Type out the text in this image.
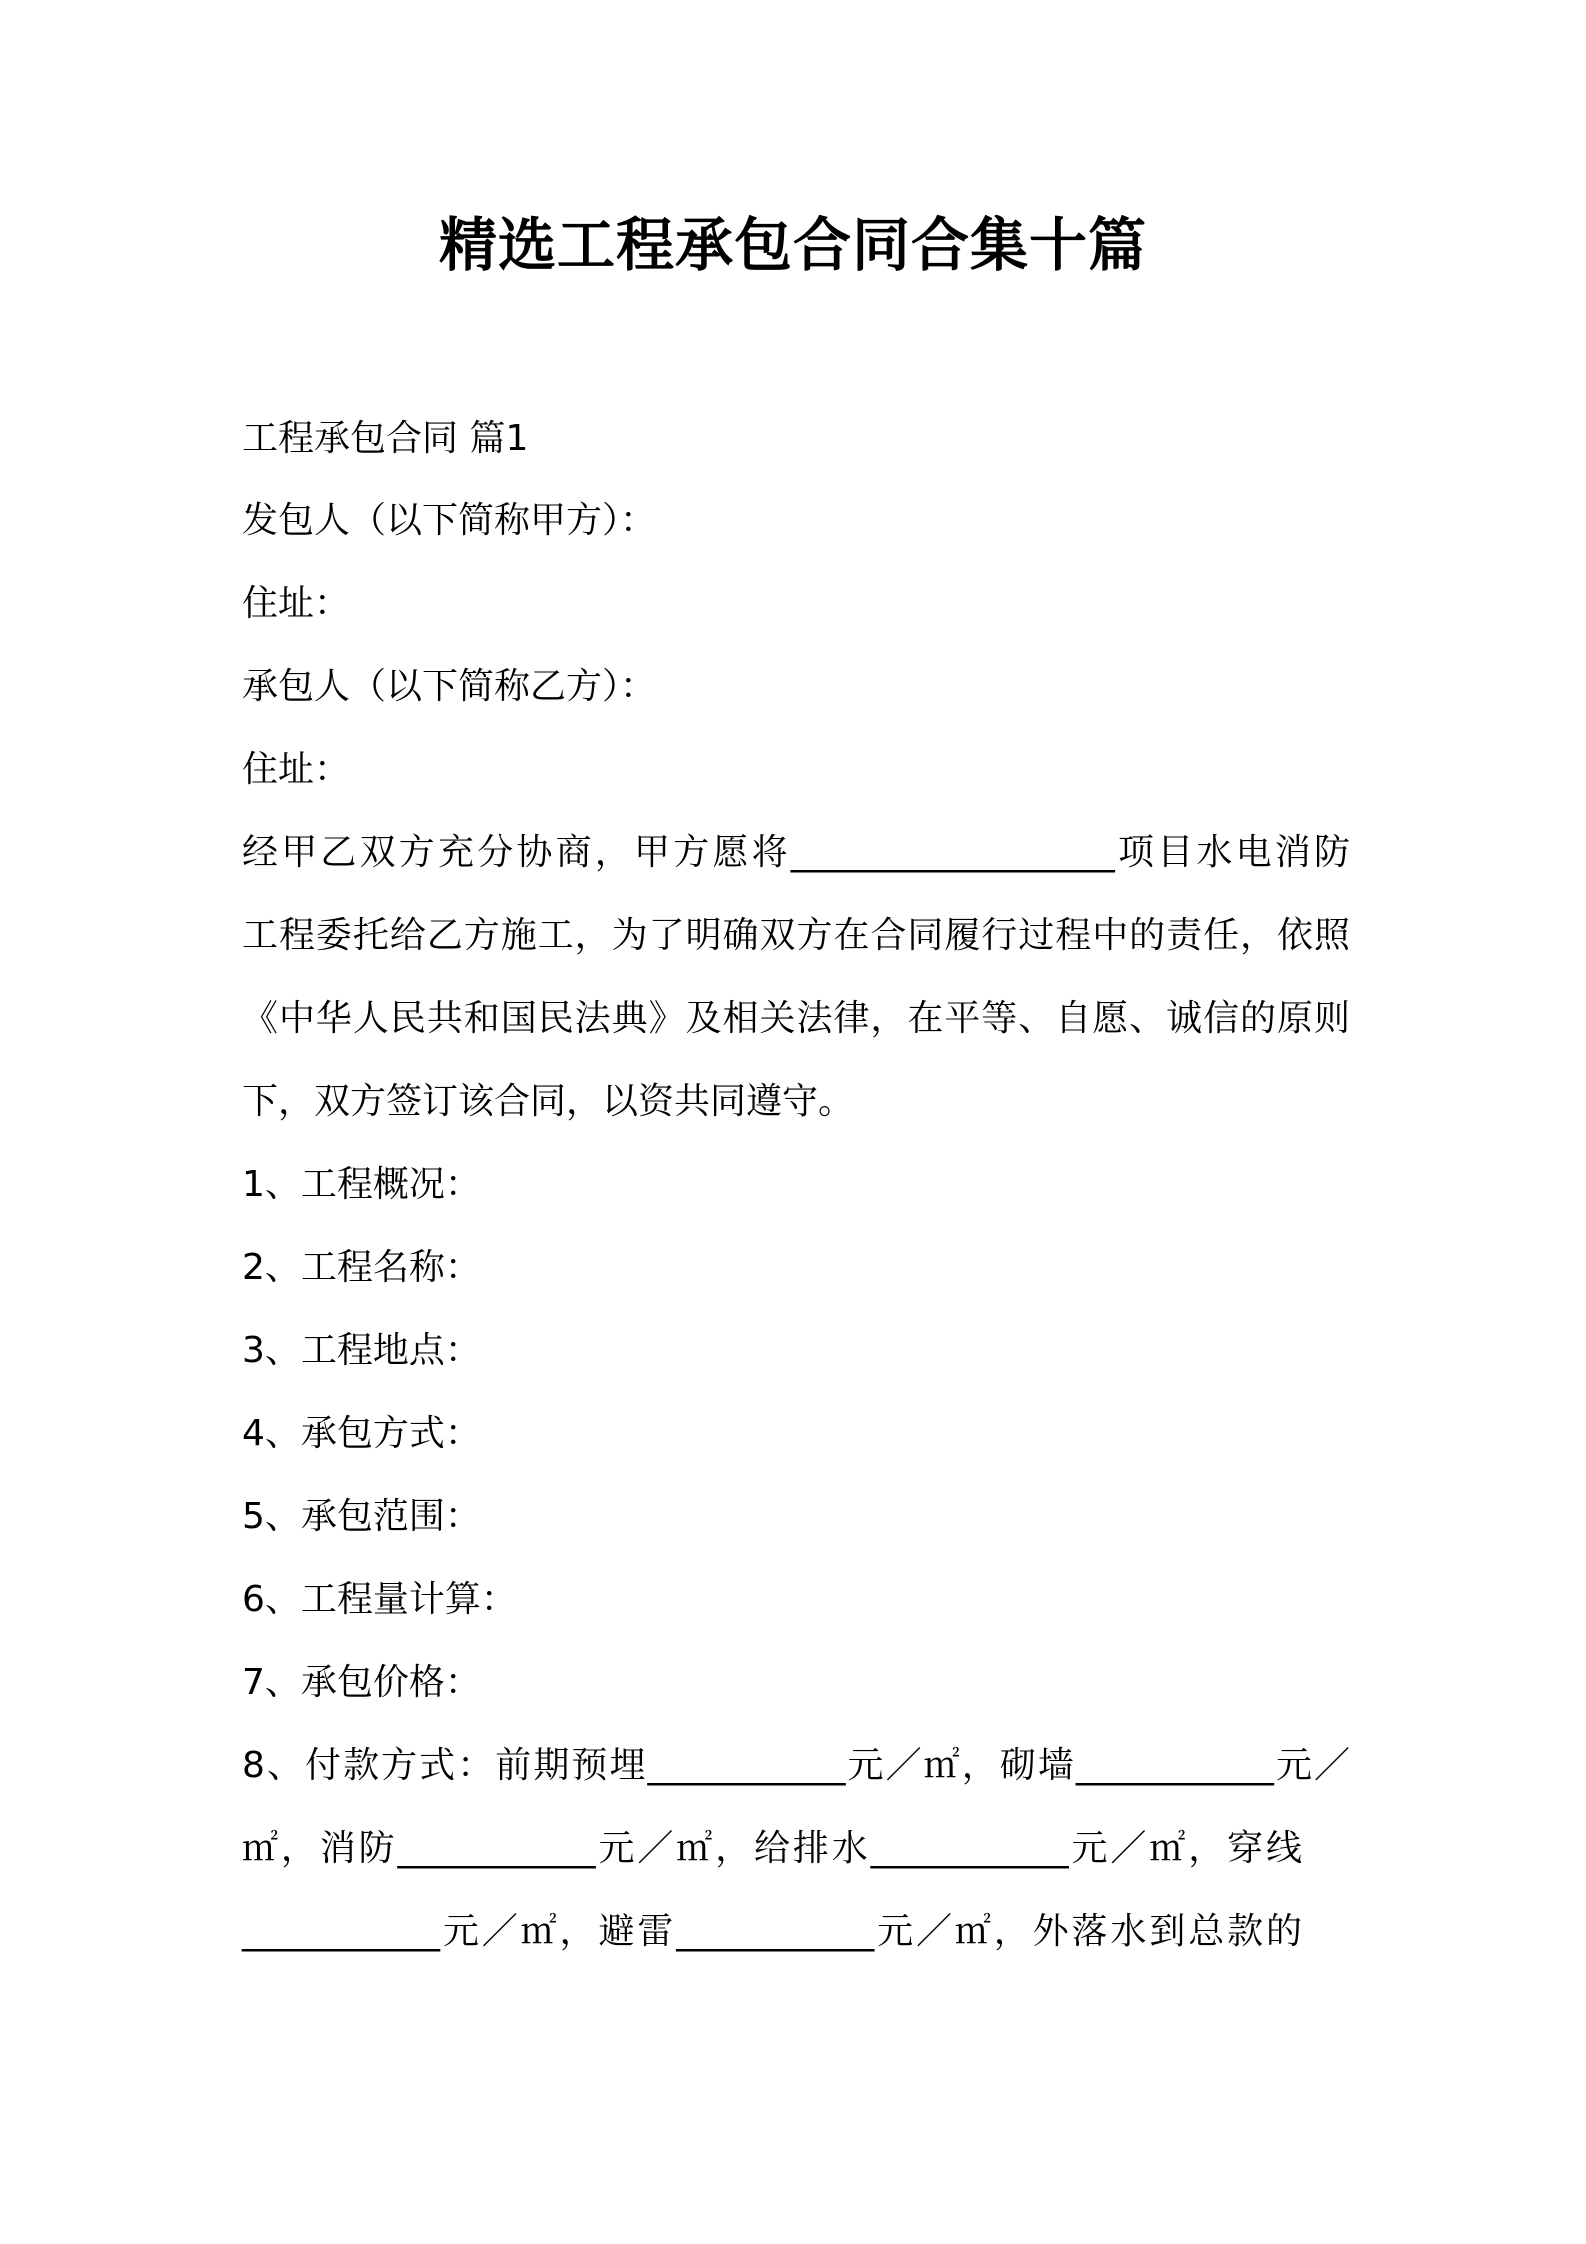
精选工程承包合同合集十篇
工程承包合同 篇1
发包人（以下简称甲方）：
住址：
承包人（以下简称乙方）：
住址：
经甲乙双方充分协商，甲方愿将__________________项目水电消防
工程委托给乙方施工，为了明确双方在合同履行过程中的责任，依照
《中华人民共和国民法典》及相关法律，在平等、自愿、诚信的原则
下，双方签订该合同，以资共同遵守。
1、工程概况：
2、工程名称：
3、工程地点：
4、承包方式：
5、承包范围：
6、工程量计算：
7、承包价格：
8、付款方式：前期预埋___________元／㎡，砌墙___________元／
㎡，消防___________元／㎡，给排水___________元／㎡，穿线
___________元／㎡，避雷___________元／㎡，外落水到总款的
